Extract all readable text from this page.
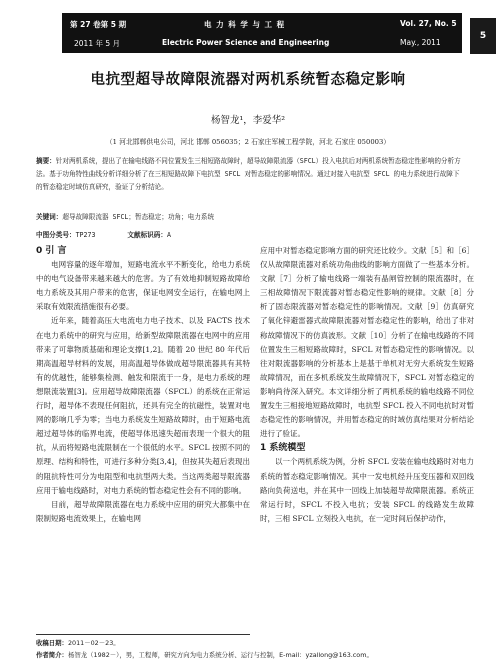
第 27 卷第 5 期	电 力 科 学 与 工 程	Vol. 27, No. 5
2011 年 5 月	Electric Power Science and Engineering	May., 2011
5
电抗型超导故障限流器对两机系统暂态稳定影响
杨智龙¹，李爱华²
（1 河北邯郸供电公司，河北 邯郸 056035；2 石家庄军械工程学院，河北 石家庄 050003）
摘要：针对两机系统，提出了在输电线路不同位置发生三相短路故障时，超导故障限流器（SFCL）投入电抗后对两机系统暂态稳定性影响的分析方法。基于功角特性曲线分析详细分析了在三相短路故障下电抗型 SFCL 对暂态稳定的影响情况。通过对接入电抗型 SFCL 的电力系统进行故障下的暂态稳定时域仿真研究，验证了分析结论。
关键词：超导故障限流器 SFCL；暂态稳定；功角；电力系统
中图分类号：TP273	文献标识码：A

0 引 言

电网容量的逐年增加，短路电流水平不断变化，给电力系统中的电气设备带来越来越大的危害。为了有效地抑制短路故障给电力系统及其用户带来的危害，保证电网安全运行，在输电网上采取有效限流措施很有必要。

近年来，随着高压大电流电力电子技术、以及 FACTS 技术在电力系统中的研究与应用，给新型故障限流器在电网中的应用带来了可靠物质基础和理论支撑[1,2]。随着 20 世纪 80 年代后期高温超导材料的发展，用高温超导体做成超导限流器具有其特有的优越性，能够集检测、触发和限流于一身，是电力系统的理想限流装置[3]。应用超导故障限流器（SFCL）的系统在正常运行时，超导体不表现任何阻抗，还具有完全的抗磁性，装置对电网的影响几乎为零；当电力系统发生短路故障时，由于短路电流超过超导体的临界电流，使超导体迅速失超而表现一个很大的阻抗，从而将短路电流限制在一个很低的水平。SFCL 按照不同的原理、结构和特性，可进行多种分类[3,4]，但按其失超后表现出的阻抗特性可分为电阻型和电抗型两大类。当这两类超导限流器应用于输电线路时，对电力系统的暂态稳定性会有不同的影响。

目前，超导故障限流器在电力系统中应用的研究大都集中在限制短路电流效果上，在输电网

应用中对暂态稳定影响方面的研究还比较少。文献［5］和［6］仅从故障限流器对系统功角曲线的影响方面做了一些基本分析。文献［7］分析了输电线路一端装有晶闸管控制的限流器时，在三相故障情况下限流器对暂态稳定性影响的规律。文献［8］分析了固态限流器对暂态稳定性的影响情况。文献［9］仿真研究了氧化锌避雷器式故障限流器对暂态稳定性的影响，给出了非对称故障情况下的仿真波形。文献［10］分析了在输电线路的不同位置发生三相短路故障时，SFCL 对暂态稳定性的影响情况。以往对限流器影响的分析基本上是基于单机对无穷大系统发生短路故障情况，而在多机系统发生故障情况下，SFCL 对暂态稳定的影响尚待深入研究。本文详细分析了两机系统的输电线路不同位置发生三相接地短路故障时，电抗型 SFCL 投入不同电抗时对暂态稳定性的影响情况，并用暂态稳定的时域仿真结果对分析结论进行了验证。

1 系统模型

以一个两机系统为例，分析 SFCL 安装在输电线路时对电力系统的暂态稳定影响情况。其中一发电机经升压变压器和双回线路向负荷送电，并在其中一回线上加装超导故障限流器。系统正常运行时，SFCL 不投入电抗；安装 SFCL 的线路发生故障时，三相 SFCL 立刻投入电抗，在一定时间后保护动作，

收稿日期：2011－02－23。
作者简介：杨智龙（1982－），男，工程师，研究方向为电力系统分析、运行与控制，E-mail：yzallong@163.com。
